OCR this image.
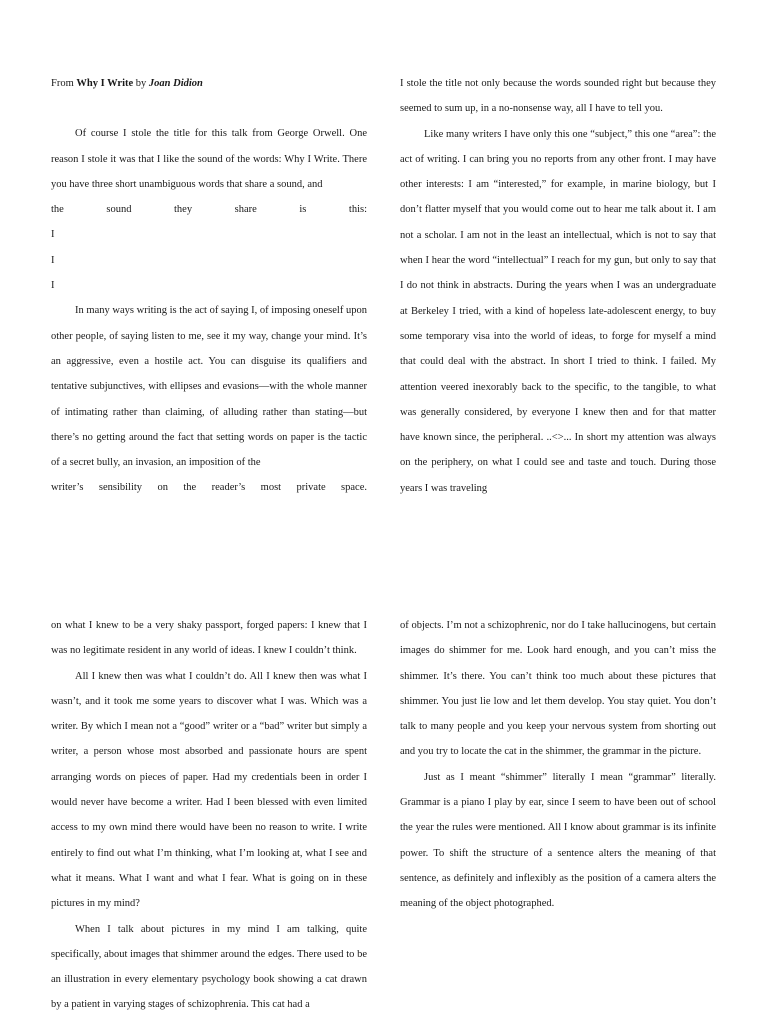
From Why I Write by Joan Didion

Of course I stole the title for this talk from George Orwell. One reason I stole it was that I like the sound of the words: Why I Write. There you have three short unambiguous words that share a sound, and

the sound they share is this:

I

I

I

In many ways writing is the act of saying I, of imposing oneself upon other people, of saying listen to me, see it my way, change your mind. It’s an aggressive, even a hostile act. You can disguise its qualifiers and tentative subjunctives, with ellipses and evasions—with the whole manner of intimating rather than claiming, of alluding rather than stating—but there’s no getting around the fact that setting words on paper is the tactic of a secret bully, an invasion, an imposition of the

writer’s sensibility on the reader’s most private space.

I stole the title not only because the words sounded right but because they seemed to sum up, in a no-nonsense way, all I have to tell you.

Like many writers I have only this one “subject,” this one “area”: the act of writing. I can bring you no reports from any other front. I may have other interests: I am “interested,” for example, in marine biology, but I don’t flatter myself that you would come out to hear me talk about it. I am not a scholar. I am not in the least an intellectual, which is not to say that when I hear the word “intellectual” I reach for my gun, but only to say that I do not think in abstracts. During the years when I was an undergraduate at Berkeley I tried, with a kind of hopeless late-adolescent energy, to buy some temporary visa into the world of ideas, to forge for myself a mind that could deal with the abstract. In short I tried to think. I failed. My attention veered inexorably back to the specific, to the tangible, to what was generally considered, by everyone I knew then and for that matter have known since, the peripheral. ..<>... In short my attention was always on the periphery, on what I could see and taste and touch. During those years I was traveling

on what I knew to be a very shaky passport, forged papers: I knew that I was no legitimate resident in any world of ideas. I knew I couldn’t think.

All I knew then was what I couldn’t do. All I knew then was what I wasn’t, and it took me some years to discover what I was. Which was a writer. By which I mean not a “good” writer or a “bad” writer but simply a writer, a person whose most absorbed and passionate hours are spent arranging words on pieces of paper. Had my credentials been in order I would never have become a writer. Had I been blessed with even limited access to my own mind there would have been no reason to write. I write entirely to find out what I’m thinking, what I’m looking at, what I see and what it means. What I want and what I fear. What is going on in these pictures in my mind?

When I talk about pictures in my mind I am talking, quite specifically, about images that shimmer around the edges. There used to be an illustration in every elementary psychology book showing a cat drawn by a patient in varying stages of schizophrenia. This cat had a

of objects. I’m not a schizophrenic, nor do I take hallucinogens, but certain images do shimmer for me. Look hard enough, and you can’t miss the shimmer. It’s there. You can’t think too much about these pictures that shimmer. You just lie low and let them develop. You stay quiet. You don’t talk to many people and you keep your nervous system from shorting out and you try to locate the cat in the shimmer, the grammar in the picture.

Just as I meant “shimmer” literally I mean “grammar” literally. Grammar is a piano I play by ear, since I seem to have been out of school the year the rules were mentioned. All I know about grammar is its infinite power. To shift the structure of a sentence alters the meaning of that sentence, as definitely and inflexibly as the position of a camera alters the meaning of the object photographed.
